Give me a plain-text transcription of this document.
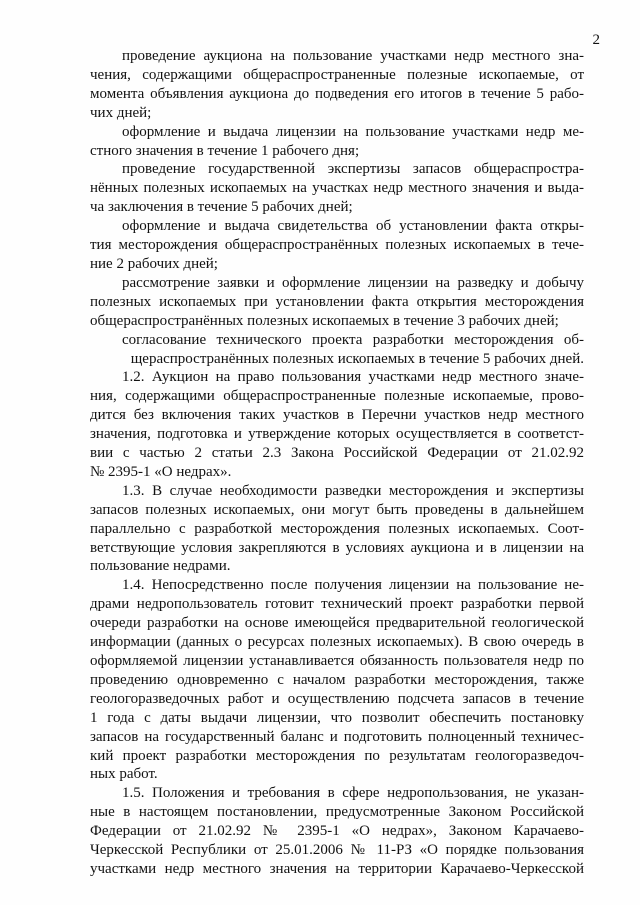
2
проведение аукциона на пользование участками недр местного зна-
чения, содержащими общераспространенные полезные ископаемые, от
момента объявления аукциона до подведения его итогов в течение 5 рабо-
чих дней;
оформление и выдача лицензии на пользование участками недр ме-
стного значения в течение 1 рабочего дня;
проведение государственной экспертизы запасов общераспростра-
нённых полезных ископаемых на участках недр местного значения и выда-
ча заключения в течение 5 рабочих дней;
оформление и выдача свидетельства об установлении факта откры-
тия месторождения общераспространённых полезных ископаемых в тече-
ние 2 рабочих дней;
рассмотрение заявки и оформление лицензии на разведку и добычу
полезных ископаемых при установлении факта открытия месторождения
общераспространённых полезных ископаемых в течение 3 рабочих дней;
согласование технического проекта разработки месторождения об-
щераспространённых полезных ископаемых в течение 5 рабочих дней.
1.2. Аукцион на право пользования участками недр местного значе-
ния, содержащими общераспространенные полезные ископаемые, прово-
дится без включения таких участков в Перечни участков недр местного
значения, подготовка и утверждение которых осуществляется в соответст-
вии с частью 2 статьи 2.3 Закона Российской Федерации от 21.02.92
№ 2395-1 «О недрах».
1.3. В случае необходимости разведки месторождения и экспертизы
запасов полезных ископаемых, они могут быть проведены в дальнейшем
параллельно с разработкой месторождения полезных ископаемых. Соот-
ветствующие условия закрепляются в условиях аукциона и в лицензии на
пользование недрами.
1.4. Непосредственно после получения лицензии на пользование не-
драми недропользователь готовит технический проект разработки первой
очереди разработки на основе имеющейся предварительной геологической
информации (данных о ресурсах полезных ископаемых). В свою очередь в
оформляемой лицензии устанавливается обязанность пользователя недр по
проведению одновременно с началом разработки месторождения, также
геологоразведочных работ и осуществлению подсчета запасов в течение
1 года с даты выдачи лицензии, что позволит обеспечить постановку
запасов на государственный баланс и подготовить полноценный техничес-
кий проект разработки месторождения по результатам геологоразведоч-
ных работ.
1.5. Положения и требования в сфере недропользования, не указан-
ные в настоящем постановлении, предусмотренные Законом Российской
Федерации от 21.02.92 № 2395-1 «О недрах», Законом Карачаево-
Черкесской Республики от 25.01.2006 № 11-РЗ «О порядке пользования
участками недр местного значения на территории Карачаево-Черкесской
